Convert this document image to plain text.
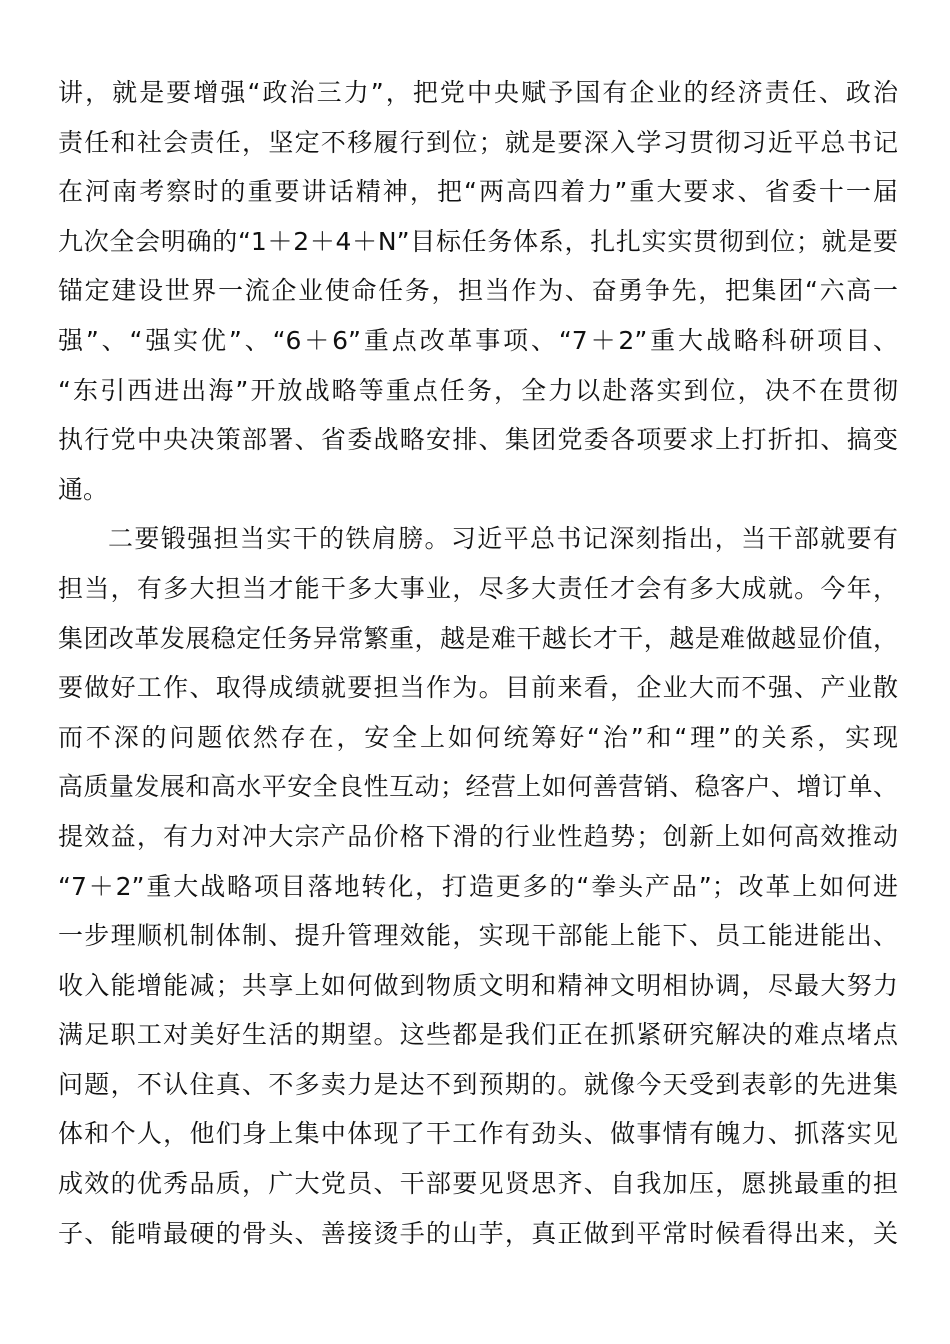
讲，就是要增强“政治三力”，把党中央赋予国有企业的经济责任、政治
责任和社会责任，坚定不移履行到位；就是要深入学习贯彻习近平总书记
在河南考察时的重要讲话精神，把“两高四着力”重大要求、省委十一届
九次全会明确的“1＋2＋4＋N”目标任务体系，扎扎实实贯彻到位；就是要
锚定建设世界一流企业使命任务，担当作为、奋勇争先，把集团“六高一
强”、“强实优”、“6＋6”重点改革事项、“7＋2”重大战略科研项目、
“东引西进出海”开放战略等重点任务，全力以赴落实到位，决不在贯彻
执行党中央决策部署、省委战略安排、集团党委各项要求上打折扣、搞变
通。
二要锻强担当实干的铁肩膀。习近平总书记深刻指出，当干部就要有
担当，有多大担当才能干多大事业，尽多大责任才会有多大成就。今年，
集团改革发展稳定任务异常繁重，越是难干越长才干，越是难做越显价值，
要做好工作、取得成绩就要担当作为。目前来看，企业大而不强、产业散
而不深的问题依然存在，安全上如何统筹好“治”和“理”的关系，实现
高质量发展和高水平安全良性互动；经营上如何善营销、稳客户、增订单、
提效益，有力对冲大宗产品价格下滑的行业性趋势；创新上如何高效推动
“7＋2”重大战略项目落地转化，打造更多的“拳头产品”；改革上如何进
一步理顺机制体制、提升管理效能，实现干部能上能下、员工能进能出、
收入能增能减；共享上如何做到物质文明和精神文明相协调，尽最大努力
满足职工对美好生活的期望。这些都是我们正在抓紧研究解决的难点堵点
问题，不认住真、不多卖力是达不到预期的。就像今天受到表彰的先进集
体和个人，他们身上集中体现了干工作有劲头、做事情有魄力、抓落实见
成效的优秀品质，广大党员、干部要见贤思齐、自我加压，愿挑最重的担
子、能啃最硬的骨头、善接烫手的山芋，真正做到平常时候看得出来，关
